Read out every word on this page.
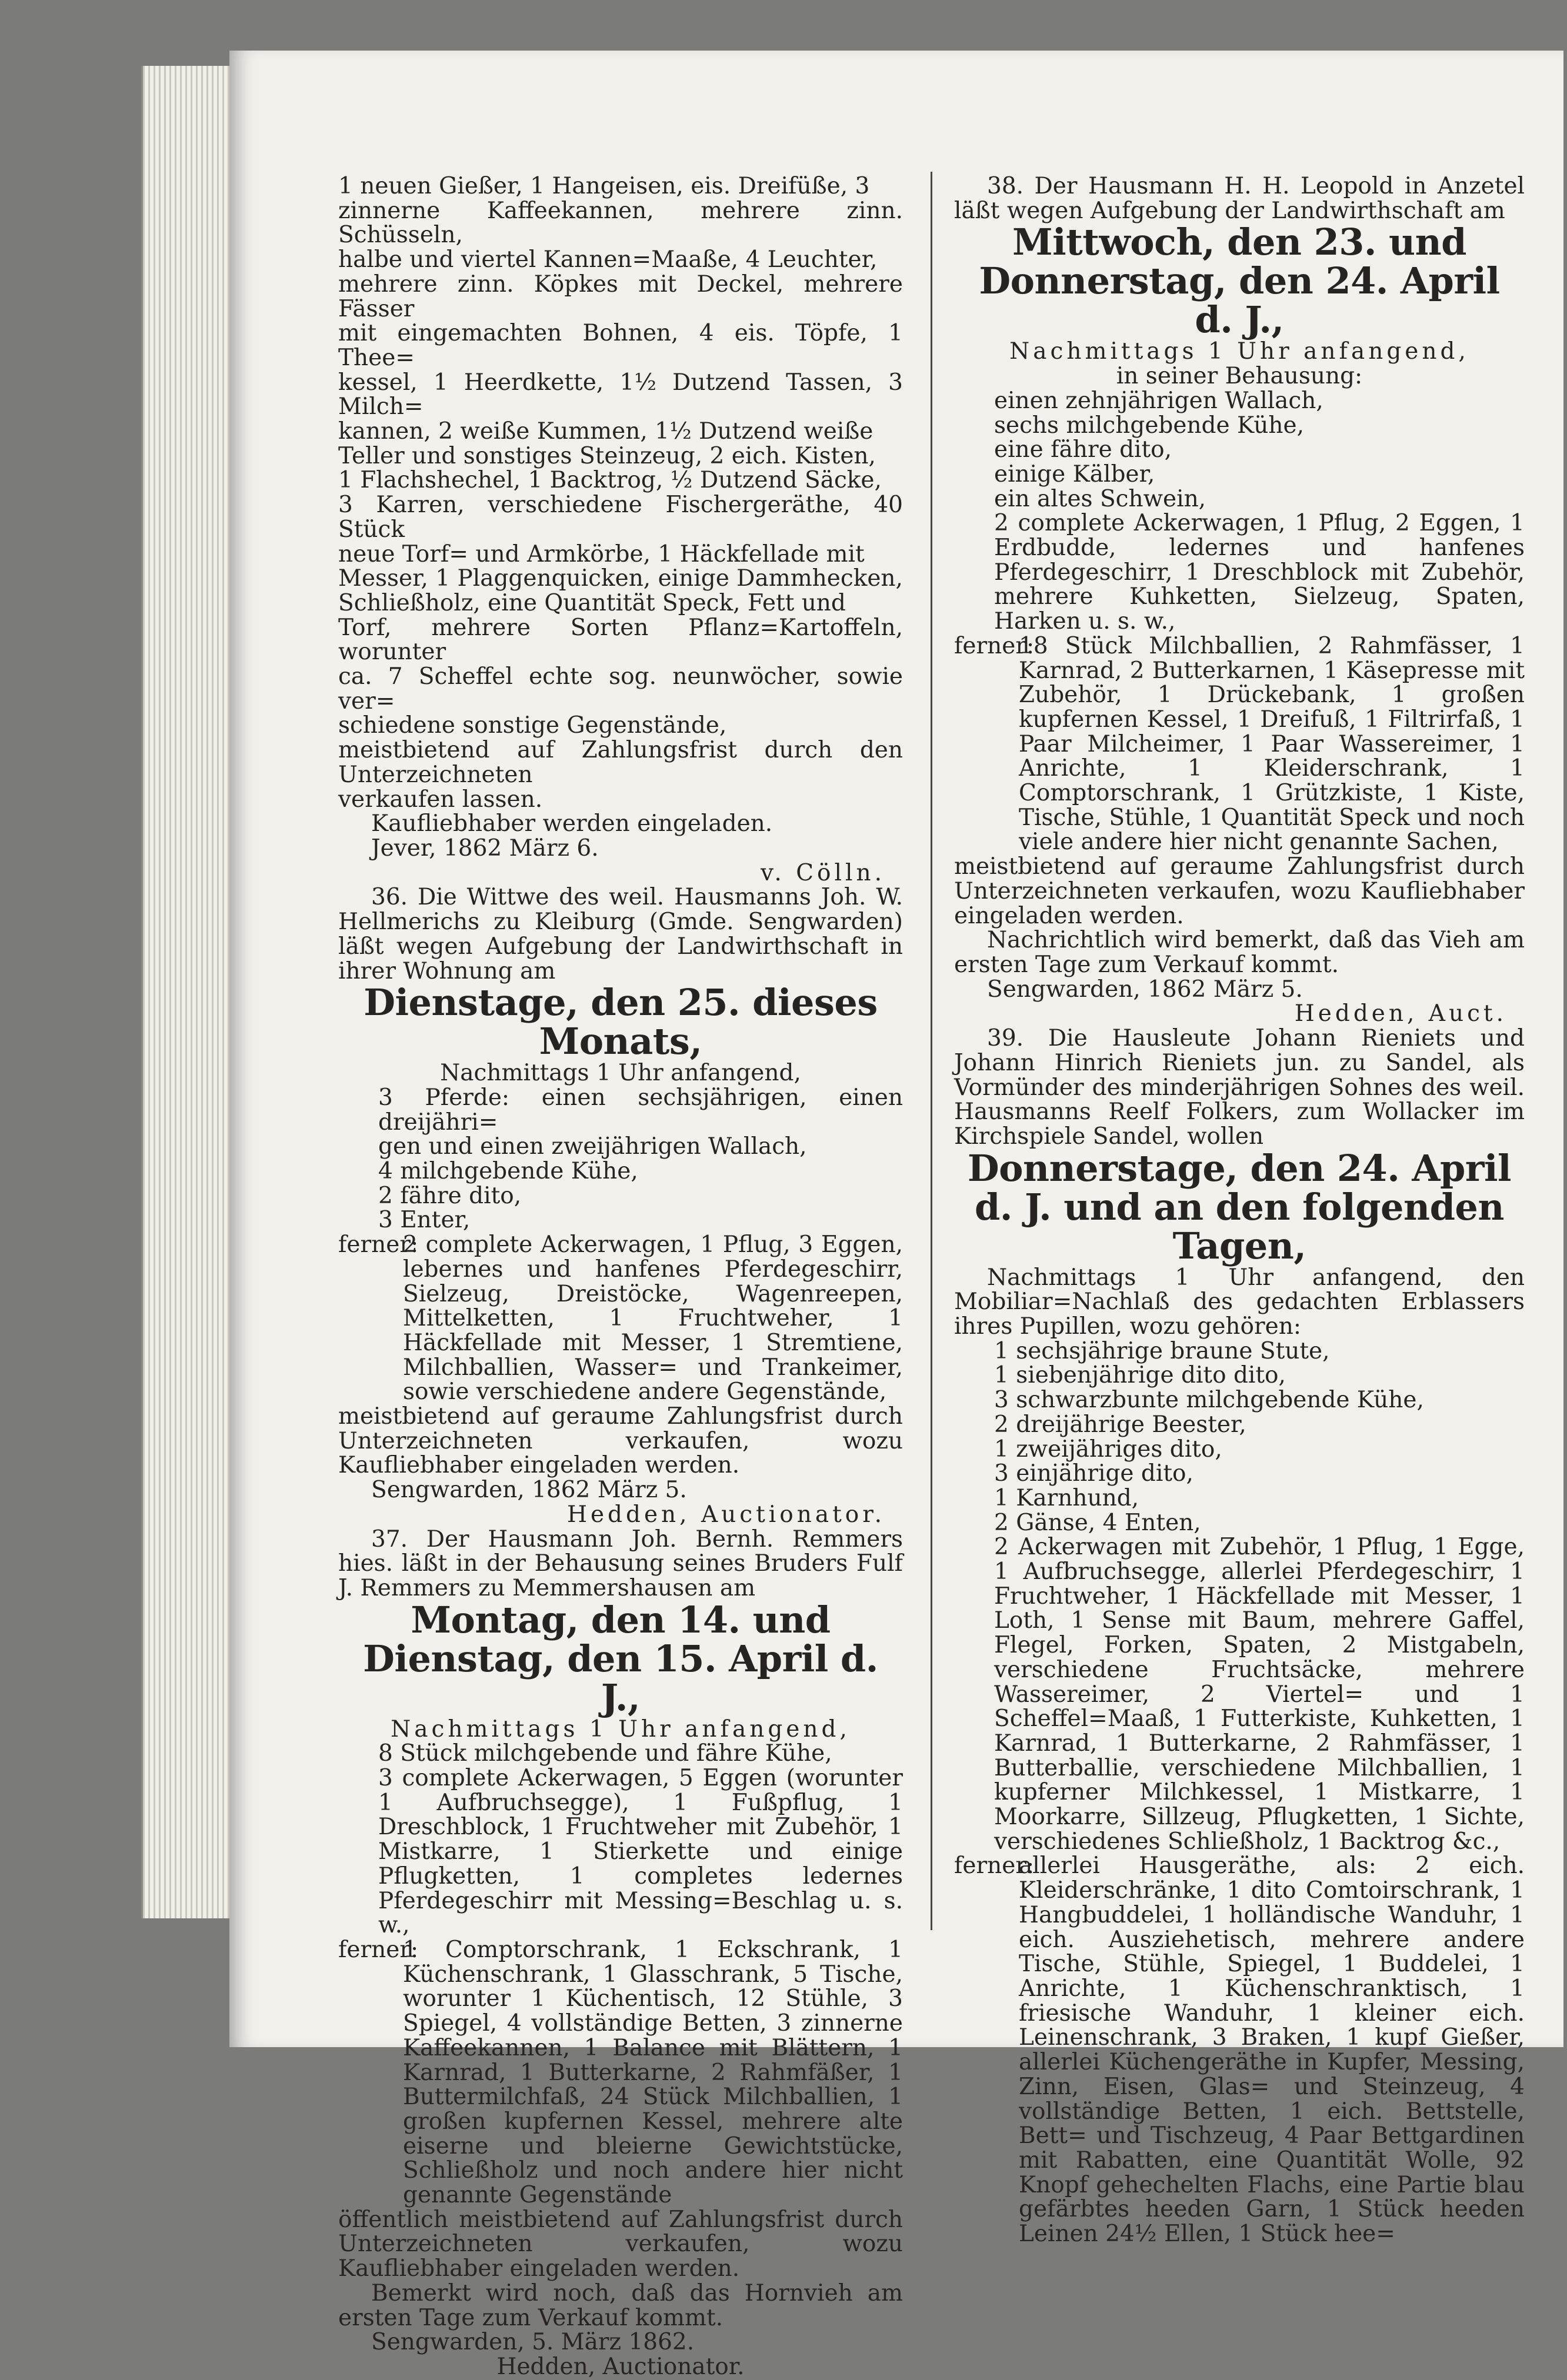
1 neuen Gießer, 1 Hangeisen, eis. Dreifüße, 3

zinnerne Kaffeekannen, mehrere zinn. Schüsseln,

halbe und viertel Kannen=Maaße, 4 Leuchter,

mehrere zinn. Köpkes mit Deckel, mehrere Fässer

mit eingemachten Bohnen, 4 eis. Töpfe, 1 Thee=

kessel, 1 Heerdkette, 1½ Dutzend Tassen, 3 Milch=

kannen, 2 weiße Kummen, 1½ Dutzend weiße

Teller und sonstiges Steinzeug, 2 eich. Kisten,

1 Flachshechel, 1 Backtrog, ½ Dutzend Säcke,

3 Karren, verschiedene Fischergeräthe, 40 Stück

neue Torf= und Armkörbe, 1 Häckfellade mit

Messer, 1 Plaggenquicken, einige Dammhecken,

Schließholz, eine Quantität Speck, Fett und

Torf, mehrere Sorten Pflanz=Kartoffeln, worunter

ca. 7 Scheffel echte sog. neunwöcher, sowie ver=

schiedene sonstige Gegenstände,

meistbietend auf Zahlungsfrist durch den Unterzeichneten

verkaufen lassen.

Kaufliebhaber werden eingeladen.

Jever, 1862 März 6.

v. Cölln.

36. Die Wittwe des weil. Hausmanns Joh. W. Hellmerichs zu Kleiburg (Gmde. Sengwarden) läßt wegen Aufgebung der Landwirthschaft in ihrer Wohnung am

Dienstage, den 25. dieses Monats,

Nachmittags 1 Uhr anfangend,

3 Pferde: einen sechsjährigen, einen dreijähri=

gen und einen zweijährigen Wallach,

4 milchgebende Kühe,

2 fähre dito,

3 Enter,

ferner:
2 complete Ackerwagen, 1 Pflug, 3 Eggen, lebernes und hanfenes Pferdegeschirr, Sielzeug, Dreistöcke, Wagenreepen, Mittelketten, 1 Fruchtweher, 1 Häckfellade mit Messer, 1 Stremtiene, Milchballien, Wasser= und Trankeimer, sowie verschiedene andere Gegenstände,

meistbietend auf geraume Zahlungsfrist durch Unterzeichneten verkaufen, wozu Kaufliebhaber eingeladen werden.

Sengwarden, 1862 März 5.

Hedden, Auctionator.

37. Der Hausmann Joh. Bernh. Remmers hies. läßt in der Behausung seines Bruders Fulf J. Remmers zu Memmershausen am

Montag, den 14. und Dienstag, den 15. April d. J.,

Nachmittags 1 Uhr anfangend,

8 Stück milchgebende und fähre Kühe,

3 complete Ackerwagen, 5 Eggen (worunter 1 Aufbruchsegge), 1 Fußpflug, 1 Dreschblock, 1 Fruchtweher mit Zubehör, 1 Mistkarre, 1 Stierkette und einige Pflugketten, 1 completes ledernes Pferdegeschirr mit Messing=Beschlag u. s. w.,

ferner:
1 Comptorschrank, 1 Eckschrank, 1 Küchenschrank, 1 Glasschrank, 5 Tische, worunter 1 Küchentisch, 12 Stühle, 3 Spiegel, 4 vollständige Betten, 3 zinnerne Kaffeekannen, 1 Balance mit Blättern, 1 Karnrad, 1 Butterkarne, 2 Rahmfäßer, 1 Buttermilchfaß, 24 Stück Milchballien, 1 großen kupfernen Kessel, mehrere alte eiserne und bleierne Gewichtstücke, Schließholz und noch andere hier nicht genannte Gegenstände

öffentlich meistbietend auf Zahlungsfrist durch Unterzeichneten verkaufen, wozu Kaufliebhaber eingeladen werden.

Bemerkt wird noch, daß das Hornvieh am ersten Tage zum Verkauf kommt.

Sengwarden, 5. März 1862.

Hedden, Auctionator.

38. Der Hausmann H. H. Leopold in Anzetel läßt wegen Aufgebung der Landwirthschaft am

Mittwoch, den 23. und Donnerstag, den 24. April d. J.,

Nachmittags 1 Uhr anfangend,

in seiner Behausung:

einen zehnjährigen Wallach,

sechs milchgebende Kühe,

eine fähre dito,

einige Kälber,

ein altes Schwein,

2 complete Ackerwagen, 1 Pflug, 2 Eggen, 1 Erdbudde, ledernes und hanfenes Pferdegeschirr, 1 Dreschblock mit Zubehör, mehrere Kuhketten, Sielzeug, Spaten, Harken u. s. w.,

ferner:
18 Stück Milchballien, 2 Rahmfässer, 1 Karnrad, 2 Butterkarnen, 1 Käsepresse mit Zubehör, 1 Drückebank, 1 großen kupfernen Kessel, 1 Dreifuß, 1 Filtrirfaß, 1 Paar Milcheimer, 1 Paar Wassereimer, 1 Anrichte, 1 Kleiderschrank, 1 Comptorschrank, 1 Grützkiste, 1 Kiste, Tische, Stühle, 1 Quantität Speck und noch viele andere hier nicht genannte Sachen,

meistbietend auf geraume Zahlungsfrist durch Unterzeichneten verkaufen, wozu Kaufliebhaber eingeladen werden.

Nachrichtlich wird bemerkt, daß das Vieh am ersten Tage zum Verkauf kommt.

Sengwarden, 1862 März 5.

Hedden, Auct.

39. Die Hausleute Johann Rieniets und Johann Hinrich Rieniets jun. zu Sandel, als Vormünder des minderjährigen Sohnes des weil. Hausmanns Reelf Folkers, zum Wollacker im Kirchspiele Sandel, wollen

Donnerstage, den 24. April d. J. und an den folgenden Tagen,

Nachmittags 1 Uhr anfangend, den Mobiliar=Nachlaß des gedachten Erblassers ihres Pupillen, wozu gehören:

1 sechsjährige braune Stute,

1 siebenjährige dito dito,

3 schwarzbunte milchgebende Kühe,

2 dreijährige Beester,

1 zweijähriges dito,

3 einjährige dito,

1 Karnhund,

2 Gänse, 4 Enten,

2 Ackerwagen mit Zubehör, 1 Pflug, 1 Egge, 1 Aufbruchsegge, allerlei Pferdegeschirr, 1 Fruchtweher, 1 Häckfellade mit Messer, 1 Loth, 1 Sense mit Baum, mehrere Gaffel, Flegel, Forken, Spaten, 2 Mistgabeln, verschiedene Fruchtsäcke, mehrere Wassereimer, 2 Viertel= und 1 Scheffel=Maaß, 1 Futterkiste, Kuhketten, 1 Karnrad, 1 Butterkarne, 2 Rahmfässer, 1 Butterballie, verschiedene Milchballien, 1 kupferner Milchkessel, 1 Mistkarre, 1 Moorkarre, Sillzeug, Pflugketten, 1 Sichte, verschiedenes Schließholz, 1 Backtrog &c.,

ferner:
allerlei Hausgeräthe, als: 2 eich. Kleiderschränke, 1 dito Comtoirschrank, 1 Hangbuddelei, 1 holländische Wanduhr, 1 eich. Ausziehetisch, mehrere andere Tische, Stühle, Spiegel, 1 Buddelei, 1 Anrichte, 1 Küchenschranktisch, 1 friesische Wanduhr, 1 kleiner eich. Leinenschrank, 3 Braken, 1 kupf Gießer, allerlei Küchengeräthe in Kupfer, Messing, Zinn, Eisen, Glas= und Steinzeug, 4 vollständige Betten, 1 eich. Bettstelle, Bett= und Tischzeug, 4 Paar Bettgardinen mit Rabatten, eine Quantität Wolle, 92 Knopf gehechelten Flachs, eine Partie blau gefärbtes heeden Garn, 1 Stück heeden Leinen 24½ Ellen, 1 Stück hee=
